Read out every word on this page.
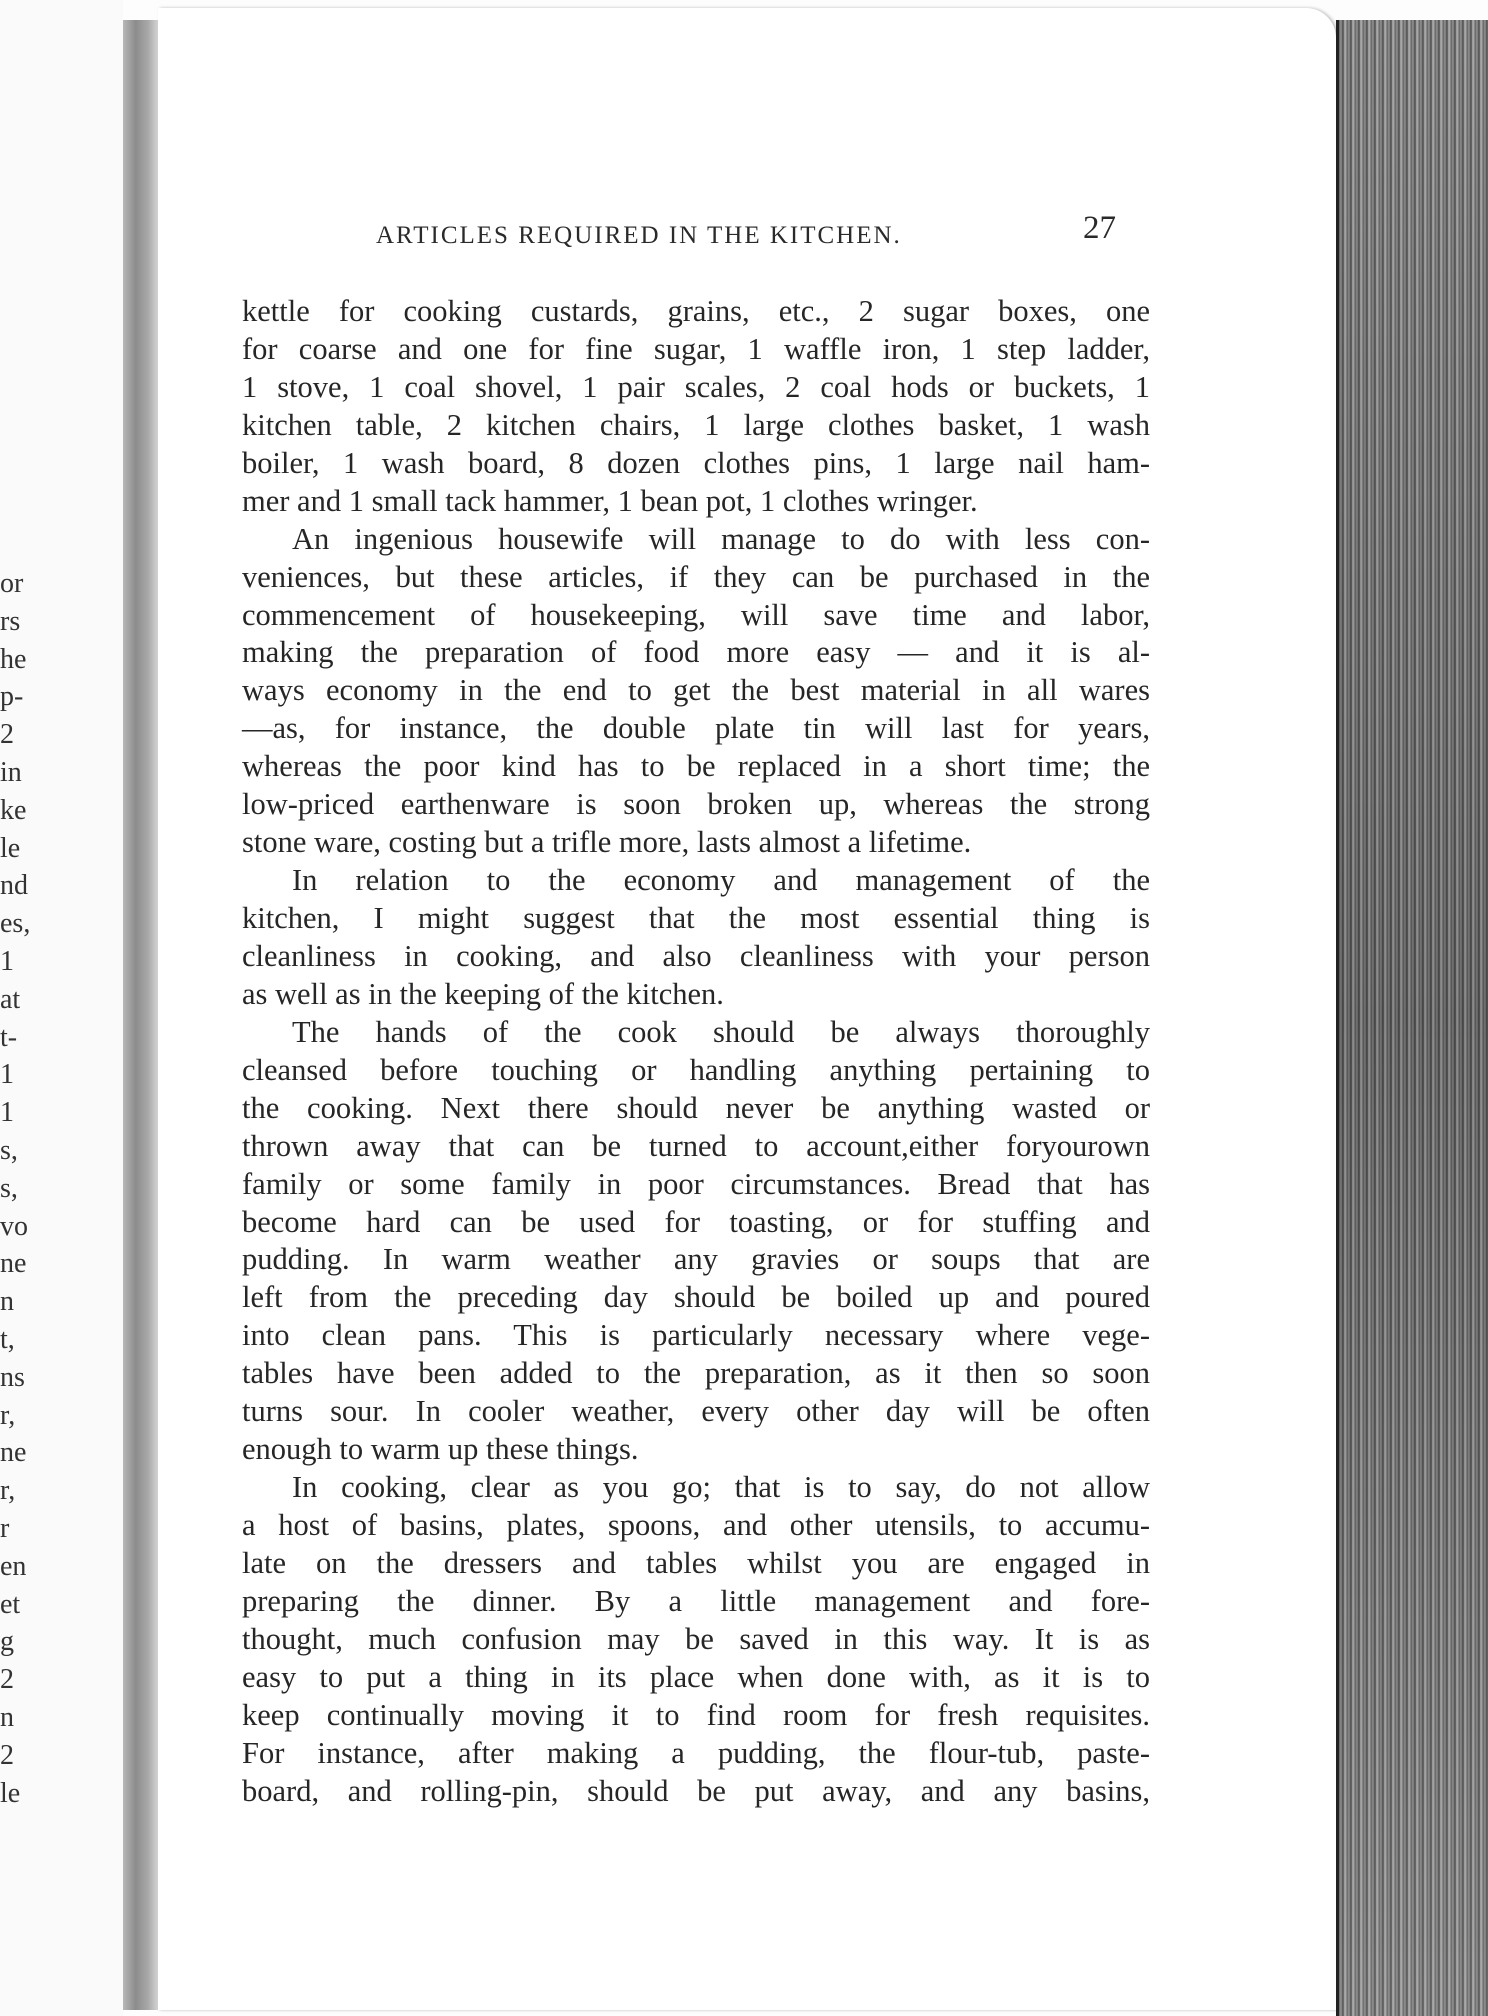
or
rs
he
p-
2
in
ke
le
nd
es,
1
at
t-
1
1
s,
s,
vo
ne
n
t,
ns
r,
ne
r,
r
en
et
g
2
n
2
le
ARTICLES REQUIRED IN THE KITCHEN.	27
kettle for cooking custards, grains, etc., 2 sugar boxes, one
for coarse and one for fine sugar, 1 waffle iron, 1 step ladder,
1 stove, 1 coal shovel, 1 pair scales, 2 coal hods or buckets, 1
kitchen table, 2 kitchen chairs, 1 large clothes basket, 1 wash
boiler, 1 wash board, 8 dozen clothes pins, 1 large nail ham-
mer and 1 small tack hammer, 1 bean pot, 1 clothes wringer.
An ingenious housewife will manage to do with less con-
veniences, but these articles, if they can be purchased in the
commencement of housekeeping, will save time and labor,
making the preparation of food more easy — and it is al-
ways economy in the end to get the best material in all wares
—as, for instance, the double plate tin will last for years,
whereas the poor kind has to be replaced in a short time; the
low-priced earthenware is soon broken up, whereas the strong
stone ware, costing but a trifle more, lasts almost a lifetime.
In relation to the economy and management of the
kitchen, I might suggest that the most essential thing is
cleanliness in cooking, and also cleanliness with your person
as well as in the keeping of the kitchen.
The hands of the cook should be always thoroughly
cleansed before touching or handling anything pertaining to
the cooking. Next there should never be anything wasted or
thrown away that can be turned to account,either foryourown
family or some family in poor circumstances. Bread that has
become hard can be used for toasting, or for stuffing and
pudding. In warm weather any gravies or soups that are
left from the preceding day should be boiled up and poured
into clean pans. This is particularly necessary where vege-
tables have been added to the preparation, as it then so soon
turns sour. In cooler weather, every other day will be often
enough to warm up these things.
In cooking, clear as you go; that is to say, do not allow
a host of basins, plates, spoons, and other utensils, to accumu-
late on the dressers and tables whilst you are engaged in
preparing the dinner. By a little management and fore-
thought, much confusion may be saved in this way. It is as
easy to put a thing in its place when done with, as it is to
keep continually moving it to find room for fresh requisites.
For instance, after making a pudding, the flour-tub, paste-
board, and rolling-pin, should be put away, and any basins,
